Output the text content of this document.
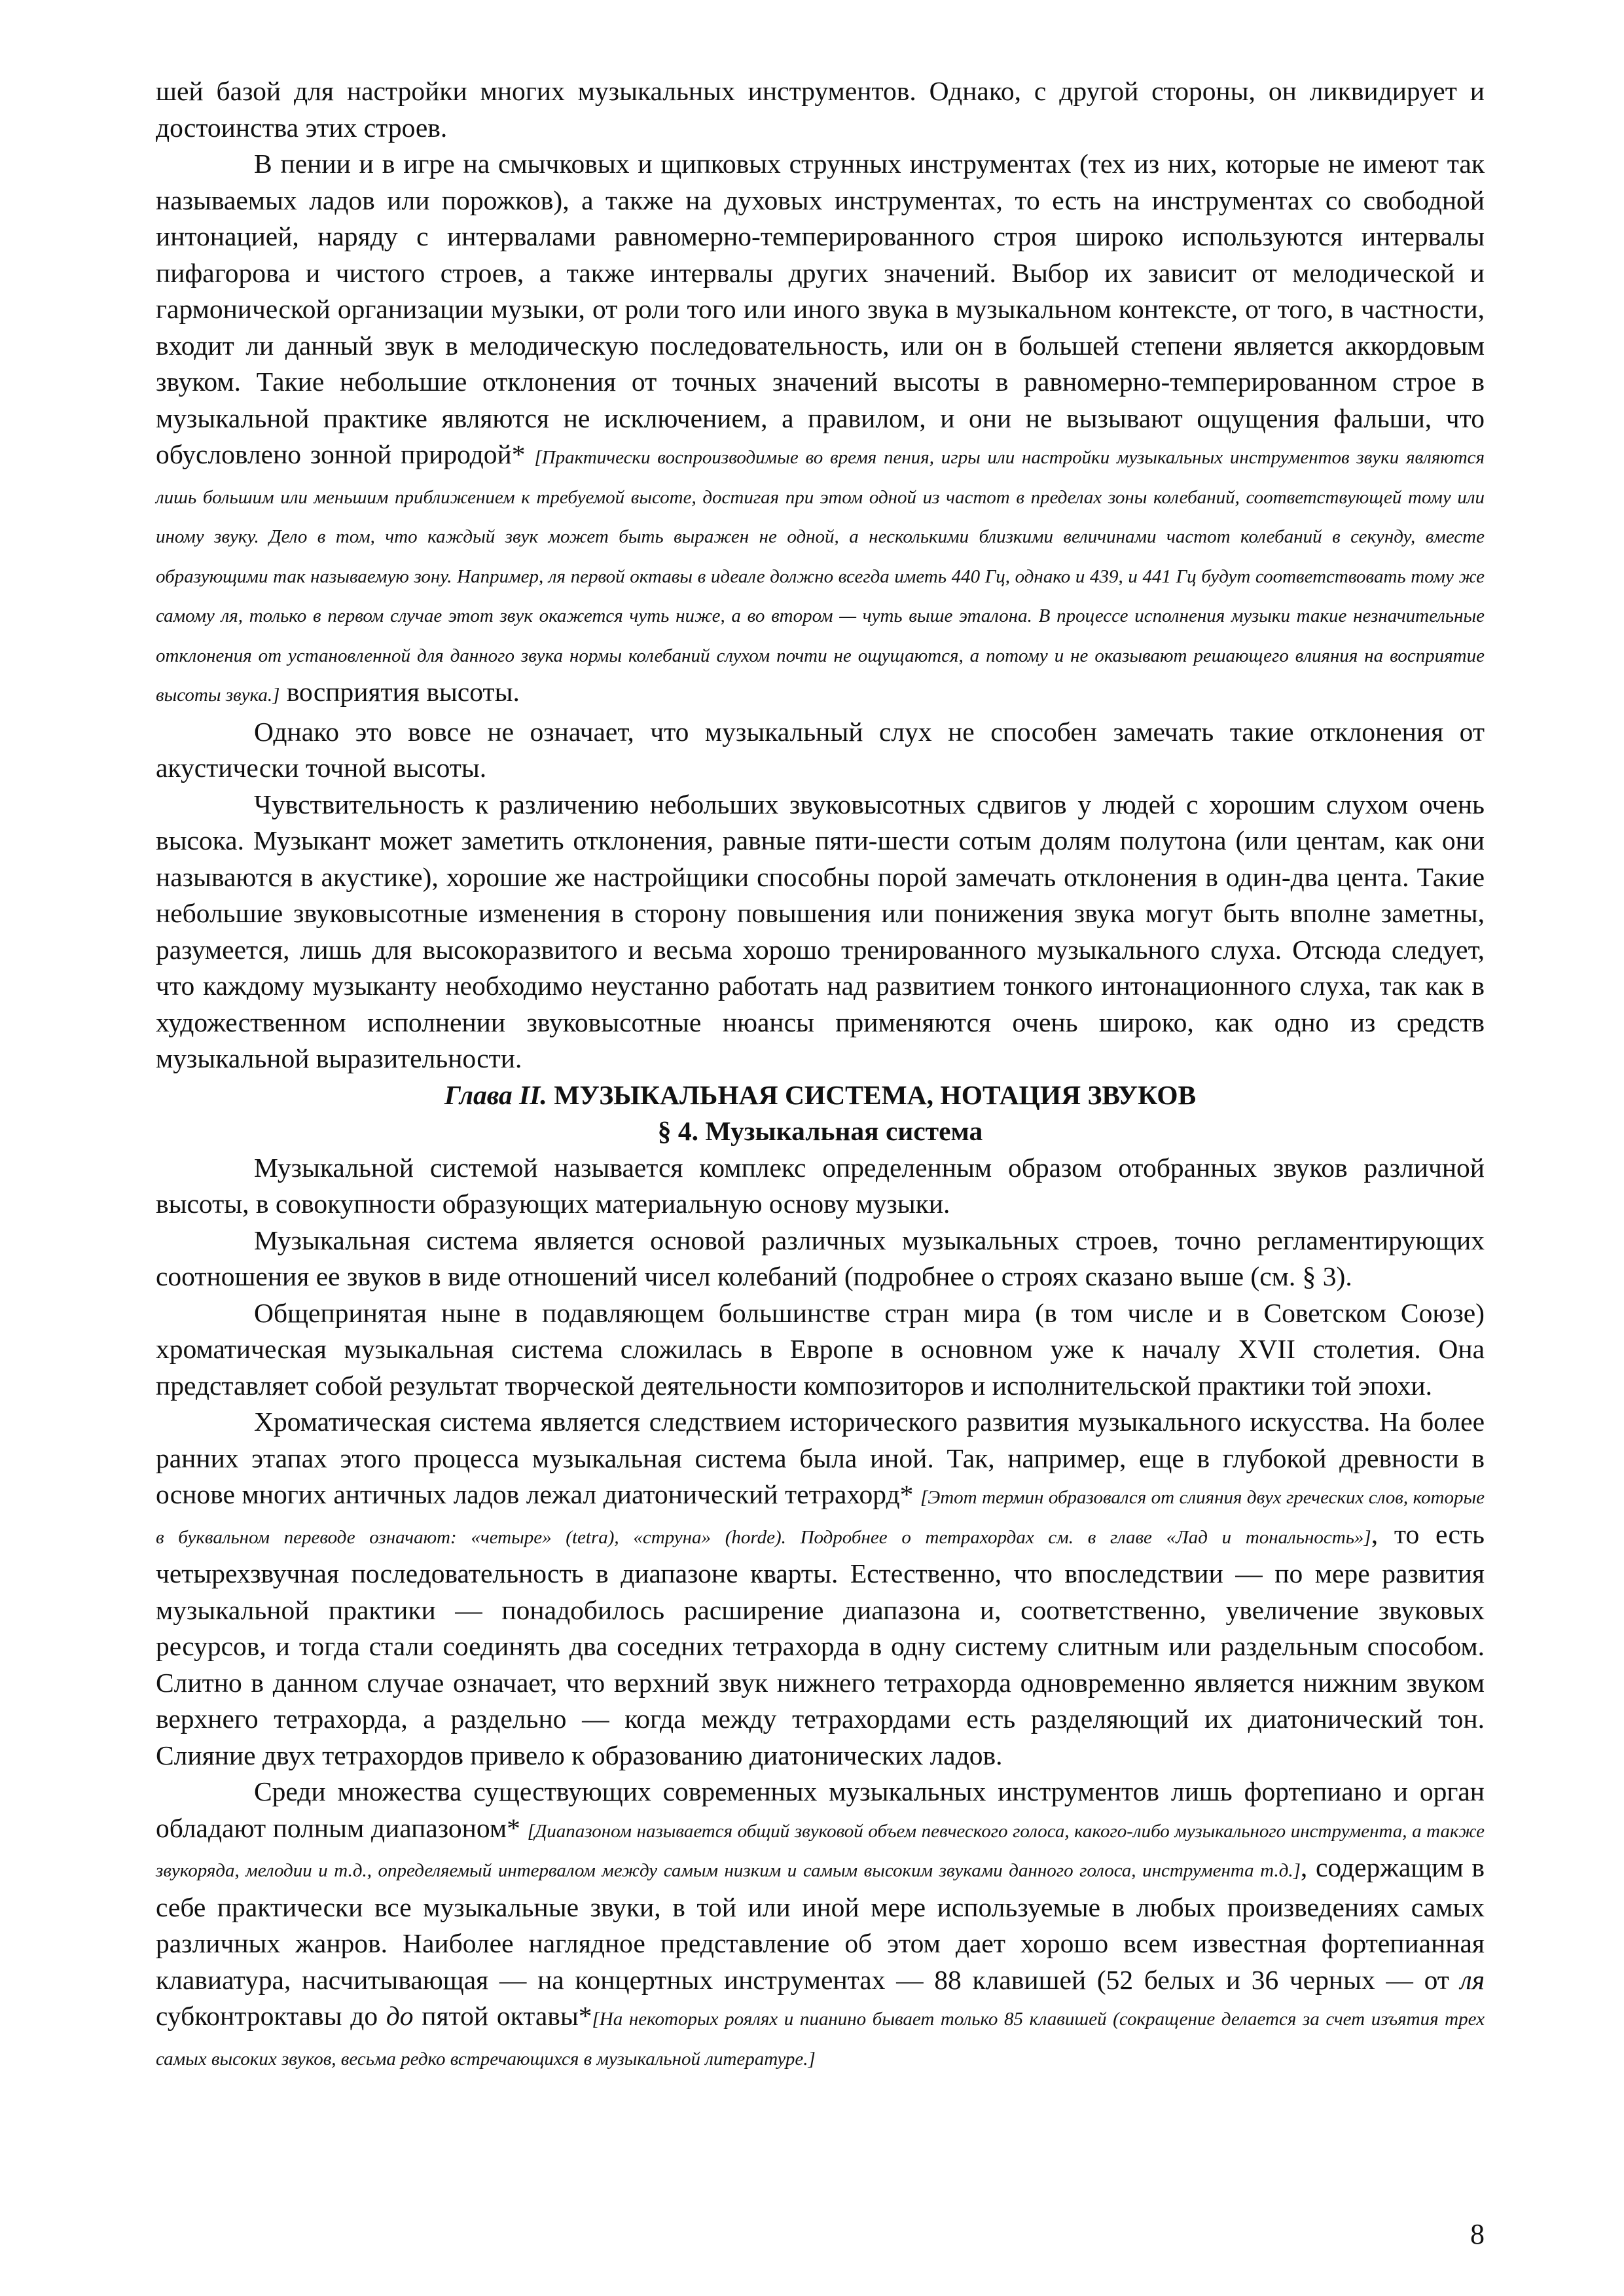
шей базой для настройки многих музыкальных инструментов. Однако, с другой стороны, он ликвидирует и достоинства этих строев.

В пении и в игре на смычковых и щипковых струнных инструментах (тех из них, которые не имеют так называемых ладов или порожков), а также на духовых инструментах, то есть на инструментах со свободной интонацией, наряду с интервалами равномерно-темперированного строя широко используются интервалы пифагорова и чистого строев, а также интервалы других значений. Выбор их зависит от мелодической и гармонической организации музыки, от роли того или иного звука в музыкальном контексте, от того, в частности, входит ли данный звук в мелодическую последовательность, или он в большей степени является аккордовым звуком. Такие небольшие отклонения от точных значений высоты в равномерно-темперированном строе в музыкальной практике являются не исключением, а правилом, и они не вызывают ощущения фальши, что обусловлено зонной природой* [Практически воспроизводимые во время пения, игры или настройки музыкальных инструментов звуки являются лишь большим или меньшим приближением к требуемой высоте, достигая при этом одной из частот в пределах зоны колебаний, соответствующей тому или иному звуку. Дело в том, что каждый звук может быть выражен не одной, а несколькими близкими величинами частот колебаний в секунду, вместе образующими так называемую зону. Например, ля первой октавы в идеале должно всегда иметь 440 Гц, однако и 439, и 441 Гц будут соответствовать тому же самому ля, только в первом случае этот звук окажется чуть ниже, а во втором — чуть выше эталона. В процессе исполнения музыки такие незначительные отклонения от установленной для данного звука нормы колебаний слухом почти не ощущаются, а потому и не оказывают решающего влияния на восприятие высоты звука.] восприятия высоты.

Однако это вовсе не означает, что музыкальный слух не способен замечать такие отклонения от акустически точной высоты.

Чувствительность к различению небольших звуковысотных сдвигов у людей с хорошим слухом очень высока. Музыкант может заметить отклонения, равные пяти-шести сотым долям полутона (или центам, как они называются в акустике), хорошие же настройщики способны порой замечать отклонения в один-два цента. Такие небольшие звуковысотные изменения в сторону повышения или понижения звука могут быть вполне заметны, разумеется, лишь для высокоразвитого и весьма хорошо тренированного музыкального слуха. Отсюда следует, что каждому музыканту необходимо неустанно работать над развитием тонкого интонационного слуха, так как в художественном исполнении звуковысотные нюансы применяются очень широко, как одно из средств музыкальной выразительности.

Глава II. МУЗЫКАЛЬНАЯ СИСТЕМА, НОТАЦИЯ ЗВУКОВ

§ 4. Музыкальная система

Музыкальной системой называется комплекс определенным образом отобранных звуков различной высоты, в совокупности образующих материальную основу музыки.

Музыкальная система является основой различных музыкальных строев, точно регламентирующих соотношения ее звуков в виде отношений чисел колебаний (подробнее о строях сказано выше (см. § 3).

Общепринятая ныне в подавляющем большинстве стран мира (в том числе и в Советском Союзе) хроматическая музыкальная система сложилась в Европе в основном уже к началу XVII столетия. Она представляет собой результат творческой деятельности композиторов и исполнительской практики той эпохи.

Хроматическая система является следствием исторического развития музыкального искусства. На более ранних этапах этого процесса музыкальная система была иной. Так, например, еще в глубокой древности в основе многих античных ладов лежал диатонический тетрахорд* [Этот термин образовался от слияния двух греческих слов, которые в буквальном переводе означают: «четыре» (tetra), «струна» (horde). Подробнее о тетрахордах см. в главе «Лад и тональность»], то есть четырехзвучная последовательность в диапазоне кварты. Естественно, что впоследствии — по мере развития музыкальной практики — понадобилось расширение диапазона и, соответственно, увеличение звуковых ресурсов, и тогда стали соединять два соседних тетрахорда в одну систему слитным или раздельным способом. Слитно в данном случае означает, что верхний звук нижнего тетрахорда одновременно является нижним звуком верхнего тетрахорда, а раздельно — когда между тетрахордами есть разделяющий их диатонический тон. Слияние двух тетрахордов привело к образованию диатонических ладов.

Среди множества существующих современных музыкальных инструментов лишь фортепиано и орган обладают полным диапазоном* [Диапазоном называется общий звуковой объем певческого голоса, какого-либо музыкального инструмента, а также звукоряда, мелодии и т.д., определяемый интервалом между самым низким и самым высоким звуками данного голоса, инструмента т.д.], содержащим в себе практически все музыкальные звуки, в той или иной мере используемые в любых произведениях самых различных жанров. Наиболее наглядное представление об этом дает хорошо всем известная фортепианная клавиатура, насчитывающая — на концертных инструментах — 88 клавишей (52 белых и 36 черных — от ля субконтроктавы до до пятой октавы*[На некоторых роялях и пианино бывает только 85 клавишей (сокращение делается за счет изъятия трех самых высоких звуков, весьма редко встречающихся в музыкальной литературе.]

8
